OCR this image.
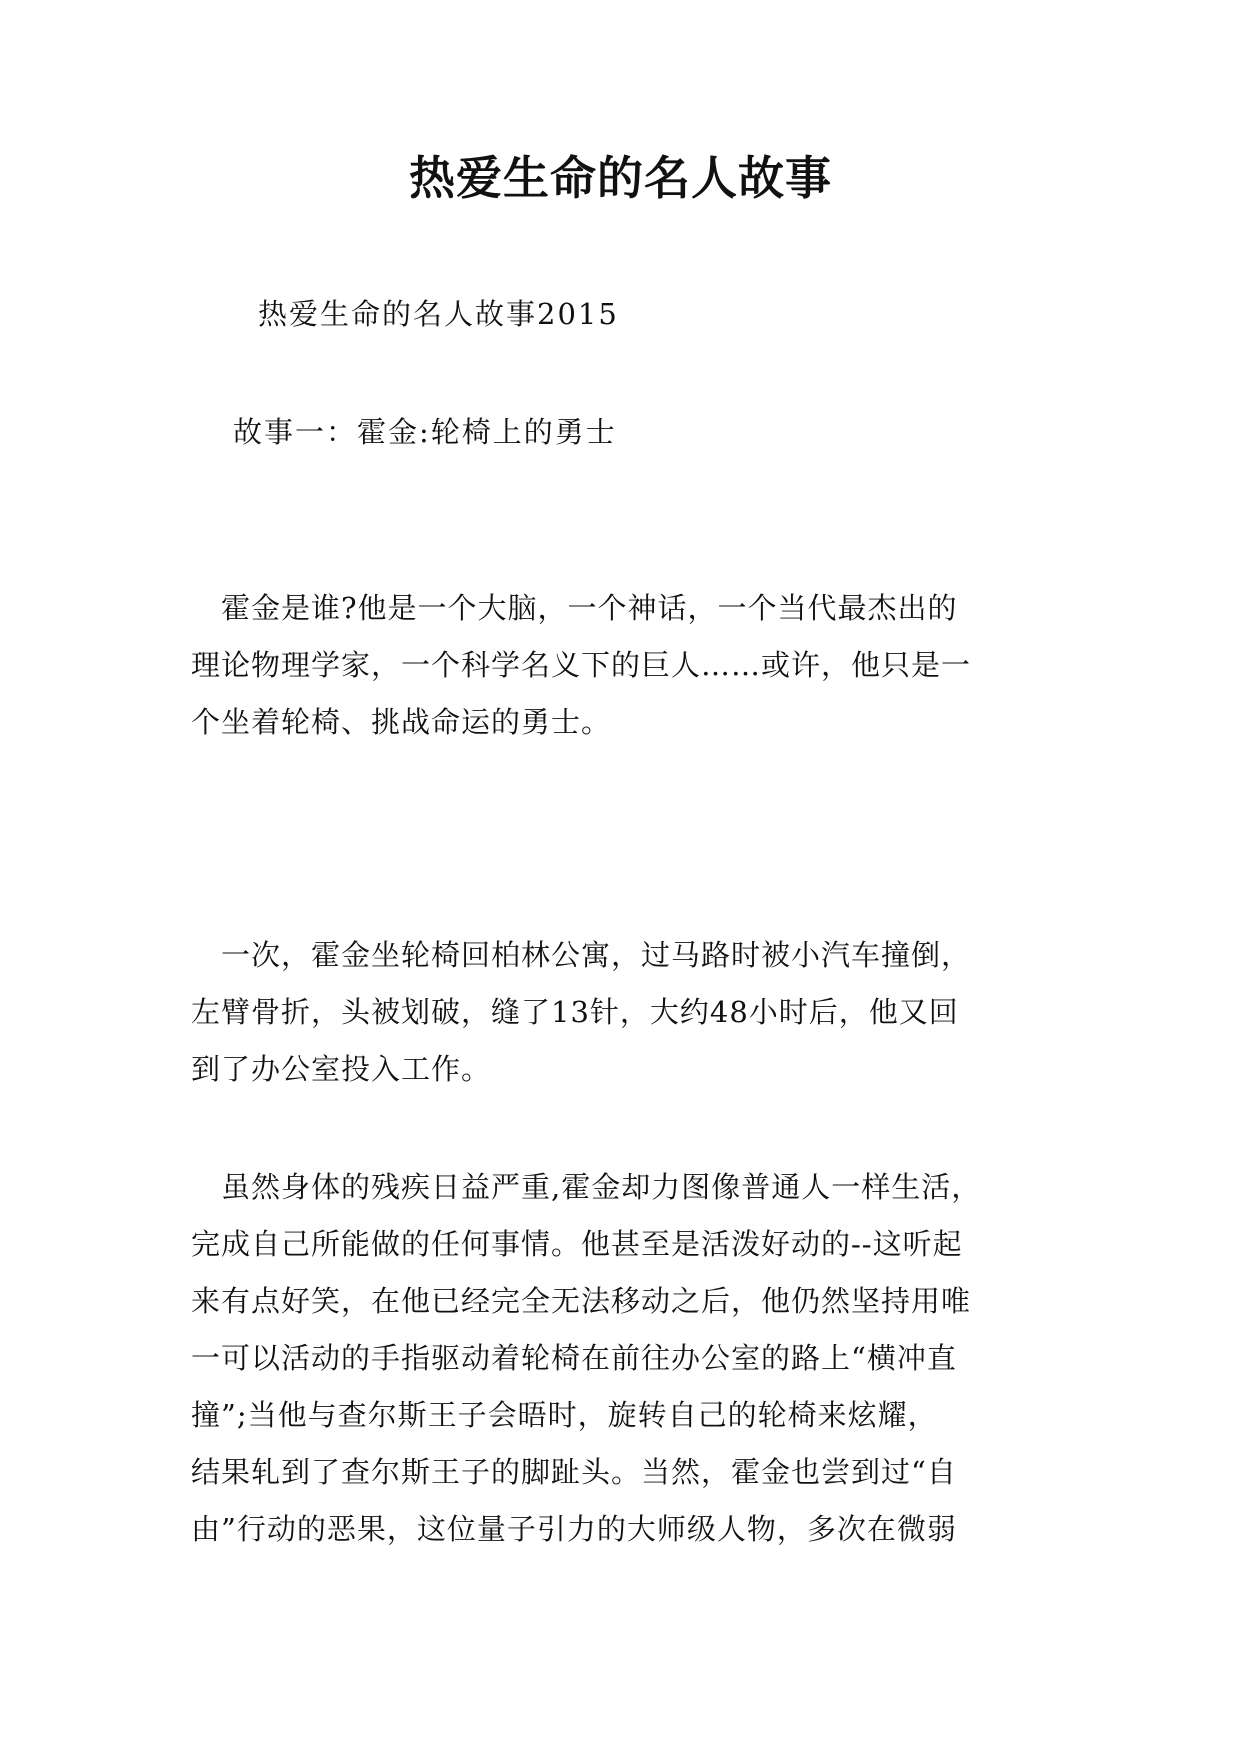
热爱生命的名人故事
热爱生命的名人故事2015
故事一：霍金:轮椅上的勇士
　霍金是谁?他是一个大脑，一个神话，一个当代最杰出的
理论物理学家，一个科学名义下的巨人……或许，他只是一
个坐着轮椅、挑战命运的勇士。
　一次，霍金坐轮椅回柏林公寓，过马路时被小汽车撞倒，
左臂骨折，头被划破，缝了13针，大约48小时后，他又回
到了办公室投入工作。
　虽然身体的残疾日益严重,霍金却力图像普通人一样生活，
完成自己所能做的任何事情。他甚至是活泼好动的--这听起
来有点好笑，在他已经完全无法移动之后，他仍然坚持用唯
一可以活动的手指驱动着轮椅在前往办公室的路上“横冲直
撞”;当他与查尔斯王子会晤时，旋转自己的轮椅来炫耀，
结果轧到了查尔斯王子的脚趾头。当然，霍金也尝到过“自
由”行动的恶果，这位量子引力的大师级人物，多次在微弱
